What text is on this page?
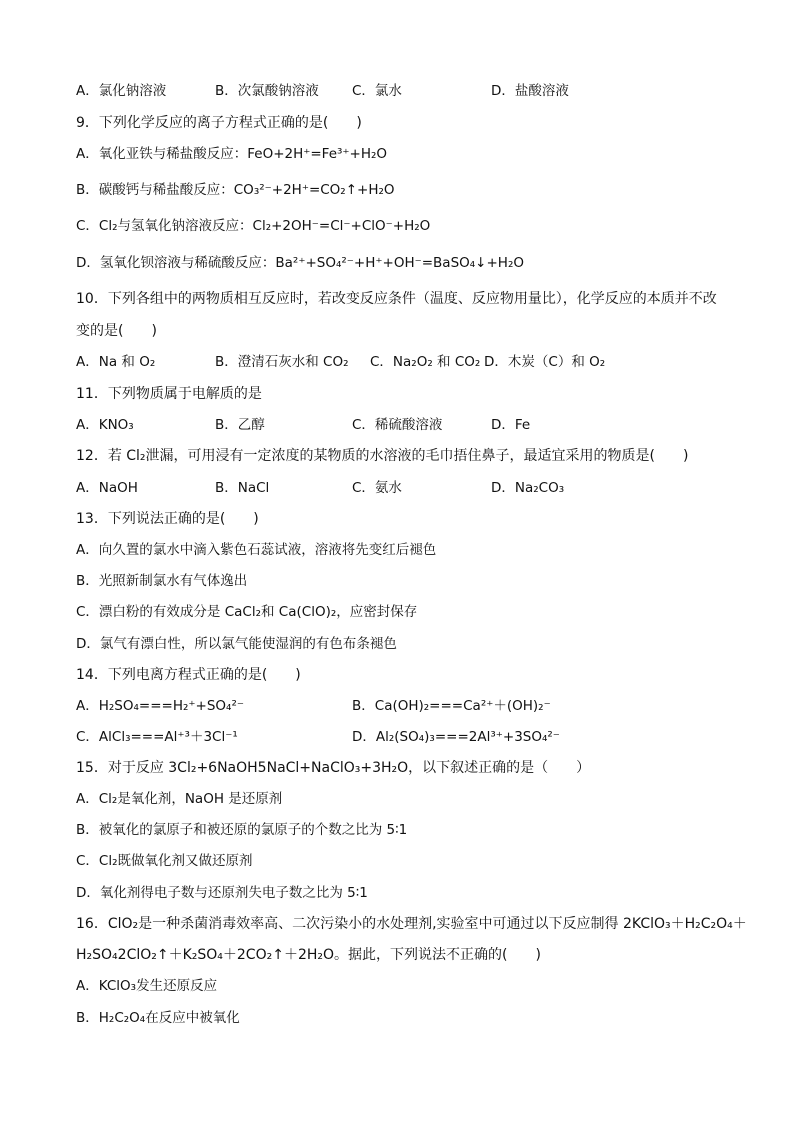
A．氯化钠溶液	B．次氯酸钠溶液 C．氯水	D．盐酸溶液
9．下列化学反应的离子方程式正确的是(　　)
A．氧化亚铁与稀盐酸反应：FeO+2H⁺=Fe³⁺+H₂O
B．碳酸钙与稀盐酸反应：CO₃²⁻+2H⁺=CO₂↑+H₂O
C．Cl₂与氢氧化钠溶液反应：Cl₂+2OH⁻=Cl⁻+ClO⁻+H₂O
D．氢氧化钡溶液与稀硫酸反应：Ba²⁺+SO₄²⁻+H⁺+OH⁻=BaSO₄↓+H₂O
10．下列各组中的两物质相互反应时，若改变反应条件（温度、反应物用量比），化学反应的本质并不改
变的是(　　)
A．Na 和 O₂	B．澄清石灰水和 CO₂ C．Na₂O₂ 和 CO₂ D．木炭（C）和 O₂
11．下列物质属于电解质的是
A．KNO₃	B．乙醇	C．稀硫酸溶液	D．Fe
12．若 Cl₂泄漏，可用浸有一定浓度的某物质的水溶液的毛巾捂住鼻子，最适宜采用的物质是(　　)
A．NaOH	B．NaCl	C．氨水	D．Na₂CO₃
13．下列说法正确的是(　　)
A．向久置的氯水中滴入紫色石蕊试液，溶液将先变红后褪色
B．光照新制氯水有气体逸出
C．漂白粉的有效成分是 CaCl₂和 Ca(ClO)₂，应密封保存
D．氯气有漂白性，所以氯气能使湿润的有色布条褪色
14．下列电离方程式正确的是(　　)
A．H₂SO₄===H₂⁺+SO₄²⁻	B．Ca(OH)₂===Ca²⁺＋(OH)₂⁻
C．AlCl₃===Al⁺³＋3Cl⁻¹	D．Al₂(SO₄)₃===2Al³⁺+3SO₄²⁻
15．对于反应 3Cl₂+6NaOH5NaCl+NaClO₃+3H₂O，以下叙述正确的是（　　）
A．Cl₂是氧化剂，NaOH 是还原剂
B．被氧化的氯原子和被还原的氯原子的个数之比为 5∶1
C．Cl₂既做氧化剂又做还原剂
D．氧化剂得电子数与还原剂失电子数之比为 5∶1
16．ClO₂是一种杀菌消毒效率高、二次污染小的水处理剂,实验室中可通过以下反应制得 2KClO₃＋H₂C₂O₄＋
H₂SO₄2ClO₂↑＋K₂SO₄＋2CO₂↑＋2H₂O。据此，下列说法不正确的(　　)
A．KClO₃发生还原反应
B．H₂C₂O₄在反应中被氧化
